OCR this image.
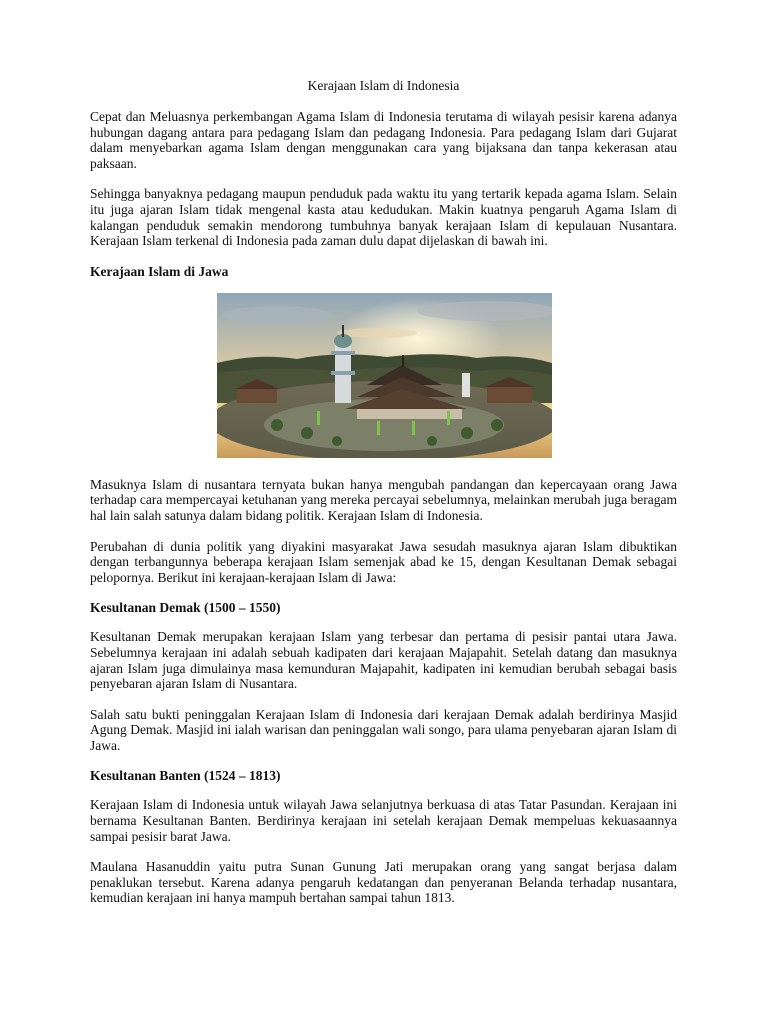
Kerajaan Islam di Indonesia

Cepat dan Meluasnya perkembangan Agama Islam di Indonesia terutama di wilayah pesisir karena adanya hubungan dagang antara para pedagang Islam dan pedagang Indonesia. Para pedagang Islam dari Gujarat dalam menyebarkan agama Islam dengan menggunakan cara yang bijaksana dan tanpa kekerasan atau paksaan.

Sehingga banyaknya pedagang maupun penduduk pada waktu itu yang tertarik kepada agama Islam. Selain itu juga ajaran Islam tidak mengenal kasta atau kedudukan. Makin kuatnya pengaruh Agama Islam di kalangan penduduk semakin mendorong tumbuhnya banyak kerajaan Islam di kepulauan Nusantara. Kerajaan Islam terkenal di Indonesia pada zaman dulu dapat dijelaskan di bawah ini.

Kerajaan Islam di Jawa

Masuknya Islam di nusantara ternyata bukan hanya mengubah pandangan dan kepercayaan orang Jawa terhadap cara mempercayai ketuhanan yang mereka percayai sebelumnya, melainkan merubah juga beragam hal lain salah satunya dalam bidang politik. Kerajaan Islam di Indonesia.

Perubahan di dunia politik yang diyakini masyarakat Jawa sesudah masuknya ajaran Islam dibuktikan dengan terbangunnya beberapa kerajaan Islam semenjak abad ke 15, dengan Kesultanan Demak sebagai pelopornya. Berikut ini kerajaan-kerajaan Islam di Jawa:

Kesultanan Demak (1500 – 1550)

Kesultanan Demak merupakan kerajaan Islam yang terbesar dan pertama di pesisir pantai utara Jawa. Sebelumnya kerajaan ini adalah sebuah kadipaten dari kerajaan Majapahit. Setelah datang dan masuknya ajaran Islam juga dimulainya masa kemunduran Majapahit, kadipaten ini kemudian berubah sebagai basis penyebaran ajaran Islam di Nusantara.

Salah satu bukti peninggalan Kerajaan Islam di Indonesia dari kerajaan Demak adalah berdirinya Masjid Agung Demak. Masjid ini ialah warisan dan peninggalan wali songo, para ulama penyebaran ajaran Islam di Jawa.

Kesultanan Banten (1524 – 1813)

Kerajaan Islam di Indonesia untuk wilayah Jawa selanjutnya berkuasa di atas Tatar Pasundan. Kerajaan ini bernama Kesultanan Banten. Berdirinya kerajaan ini setelah kerajaan Demak mempeluas kekuasaannya sampai pesisir barat Jawa.

Maulana Hasanuddin yaitu putra Sunan Gunung Jati merupakan orang yang sangat berjasa dalam penaklukan tersebut. Karena adanya pengaruh kedatangan dan penyeranan Belanda terhadap nusantara, kemudian kerajaan ini hanya mampuh bertahan sampai tahun 1813.
